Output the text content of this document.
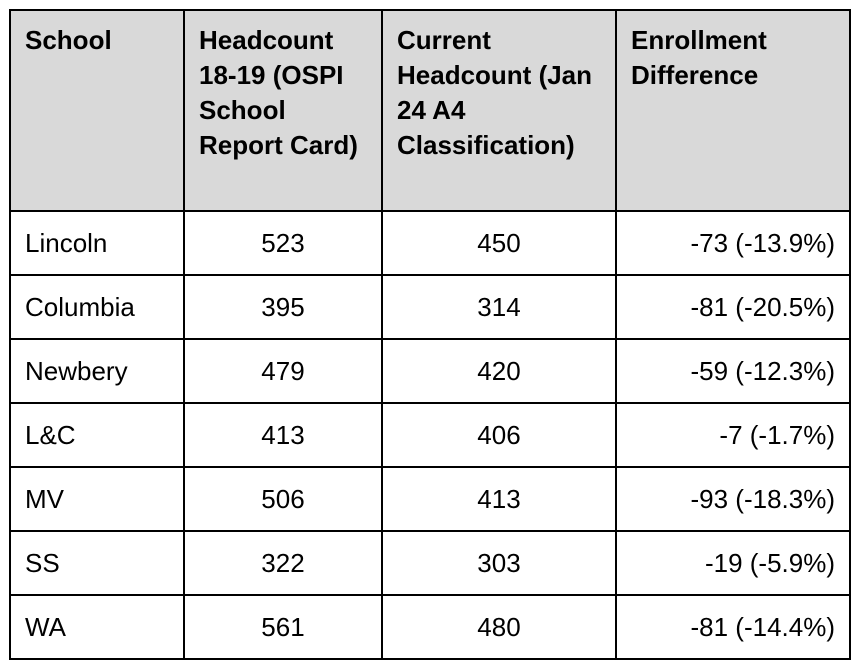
School	Headcount 18-19 (OSPI School Report Card)	Current Headcount (Jan 24 A4 Classification)	Enrollment Difference
Lincoln	523	450	-73 (-13.9%)
Columbia	395	314	-81 (-20.5%)
Newbery	479	420	-59 (-12.3%)
L&C	413	406	-7 (-1.7%)
MV	506	413	-93 (-18.3%)
SS	322	303	-19 (-5.9%)
WA	561	480	-81 (-14.4%)
